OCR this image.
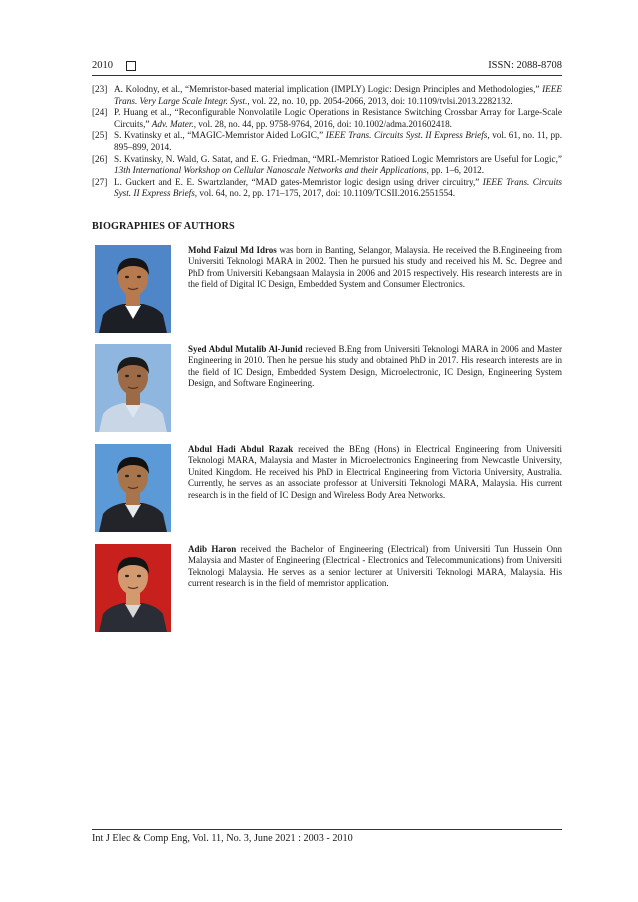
2010	ISSN: 2088-8708
[23] A. Kolodny, et al., “Memristor-based material implication (IMPLY) Logic: Design Principles and Methodologies,” IEEE Trans. Very Large Scale Integr. Syst., vol. 22, no. 10, pp. 2054-2066, 2013, doi: 10.1109/tvlsi.2013.2282132.
[24] P. Huang et al., “Reconfigurable Nonvolatile Logic Operations in Resistance Switching Crossbar Array for Large-Scale Circuits,” Adv. Mater., vol. 28, no. 44, pp. 9758-9764, 2016, doi: 10.1002/adma.201602418.
[25] S. Kvatinsky et al., “MAGIC-Memristor Aided LoGIC,” IEEE Trans. Circuits Syst. II Express Briefs, vol. 61, no. 11, pp. 895–899, 2014.
[26] S. Kvatinsky, N. Wald, G. Satat, and E. G. Friedman, “MRL-Memristor Ratioed Logic Memristors are Useful for Logic,” 13th International Workshop on Cellular Nanoscale Networks and their Applications, pp. 1–6, 2012.
[27] L. Guckert and E. E. Swartzlander, “MAD gates-Memristor logic design using driver circuitry,” IEEE Trans. Circuits Syst. II Express Briefs, vol. 64, no. 2, pp. 171–175, 2017, doi: 10.1109/TCSII.2016.2551554.
BIOGRAPHIES OF AUTHORS
Mohd Faizul Md Idros was born in Banting, Selangor, Malaysia. He received the B.Engineeing from Universiti Teknologi MARA in 2002. Then he pursued his study and received his M. Sc. Degree and PhD from Universiti Kebangsaan Malaysia in 2006 and 2015 respectively. His research interests are in the field of Digital IC Design, Embedded System and Consumer Electronics.
Syed Abdul Mutalib Al-Junid recieved B.Eng from Universiti Teknologi MARA in 2006 and Master Engineering in 2010. Then he persue his study and obtained PhD in 2017. His research interests are in the field of IC Design, Embedded System Design, Microelectronic, IC Design, Engineering System Design, and Software Engineering.
Abdul Hadi Abdul Razak received the BEng (Hons) in Electrical Engineering from Universiti Teknologi MARA, Malaysia and Master in Microelectronics Engineering from Newcastle University, United Kingdom. He received his PhD in Electrical Engineering from Victoria University, Australia. Currently, he serves as an associate professor at Universiti Teknologi MARA, Malaysia. His current research is in the field of IC Design and Wireless Body Area Networks.
Adib Haron received the Bachelor of Engineering (Electrical) from Universiti Tun Hussein Onn Malaysia and Master of Engineering (Electrical - Electronics and Telecommunications) from Universiti Teknologi Malaysia. He serves as a senior lecturer at Universiti Teknologi MARA, Malaysia. His current research is in the field of memristor application.
Int J Elec & Comp Eng, Vol. 11, No. 3, June 2021 : 2003 - 2010
